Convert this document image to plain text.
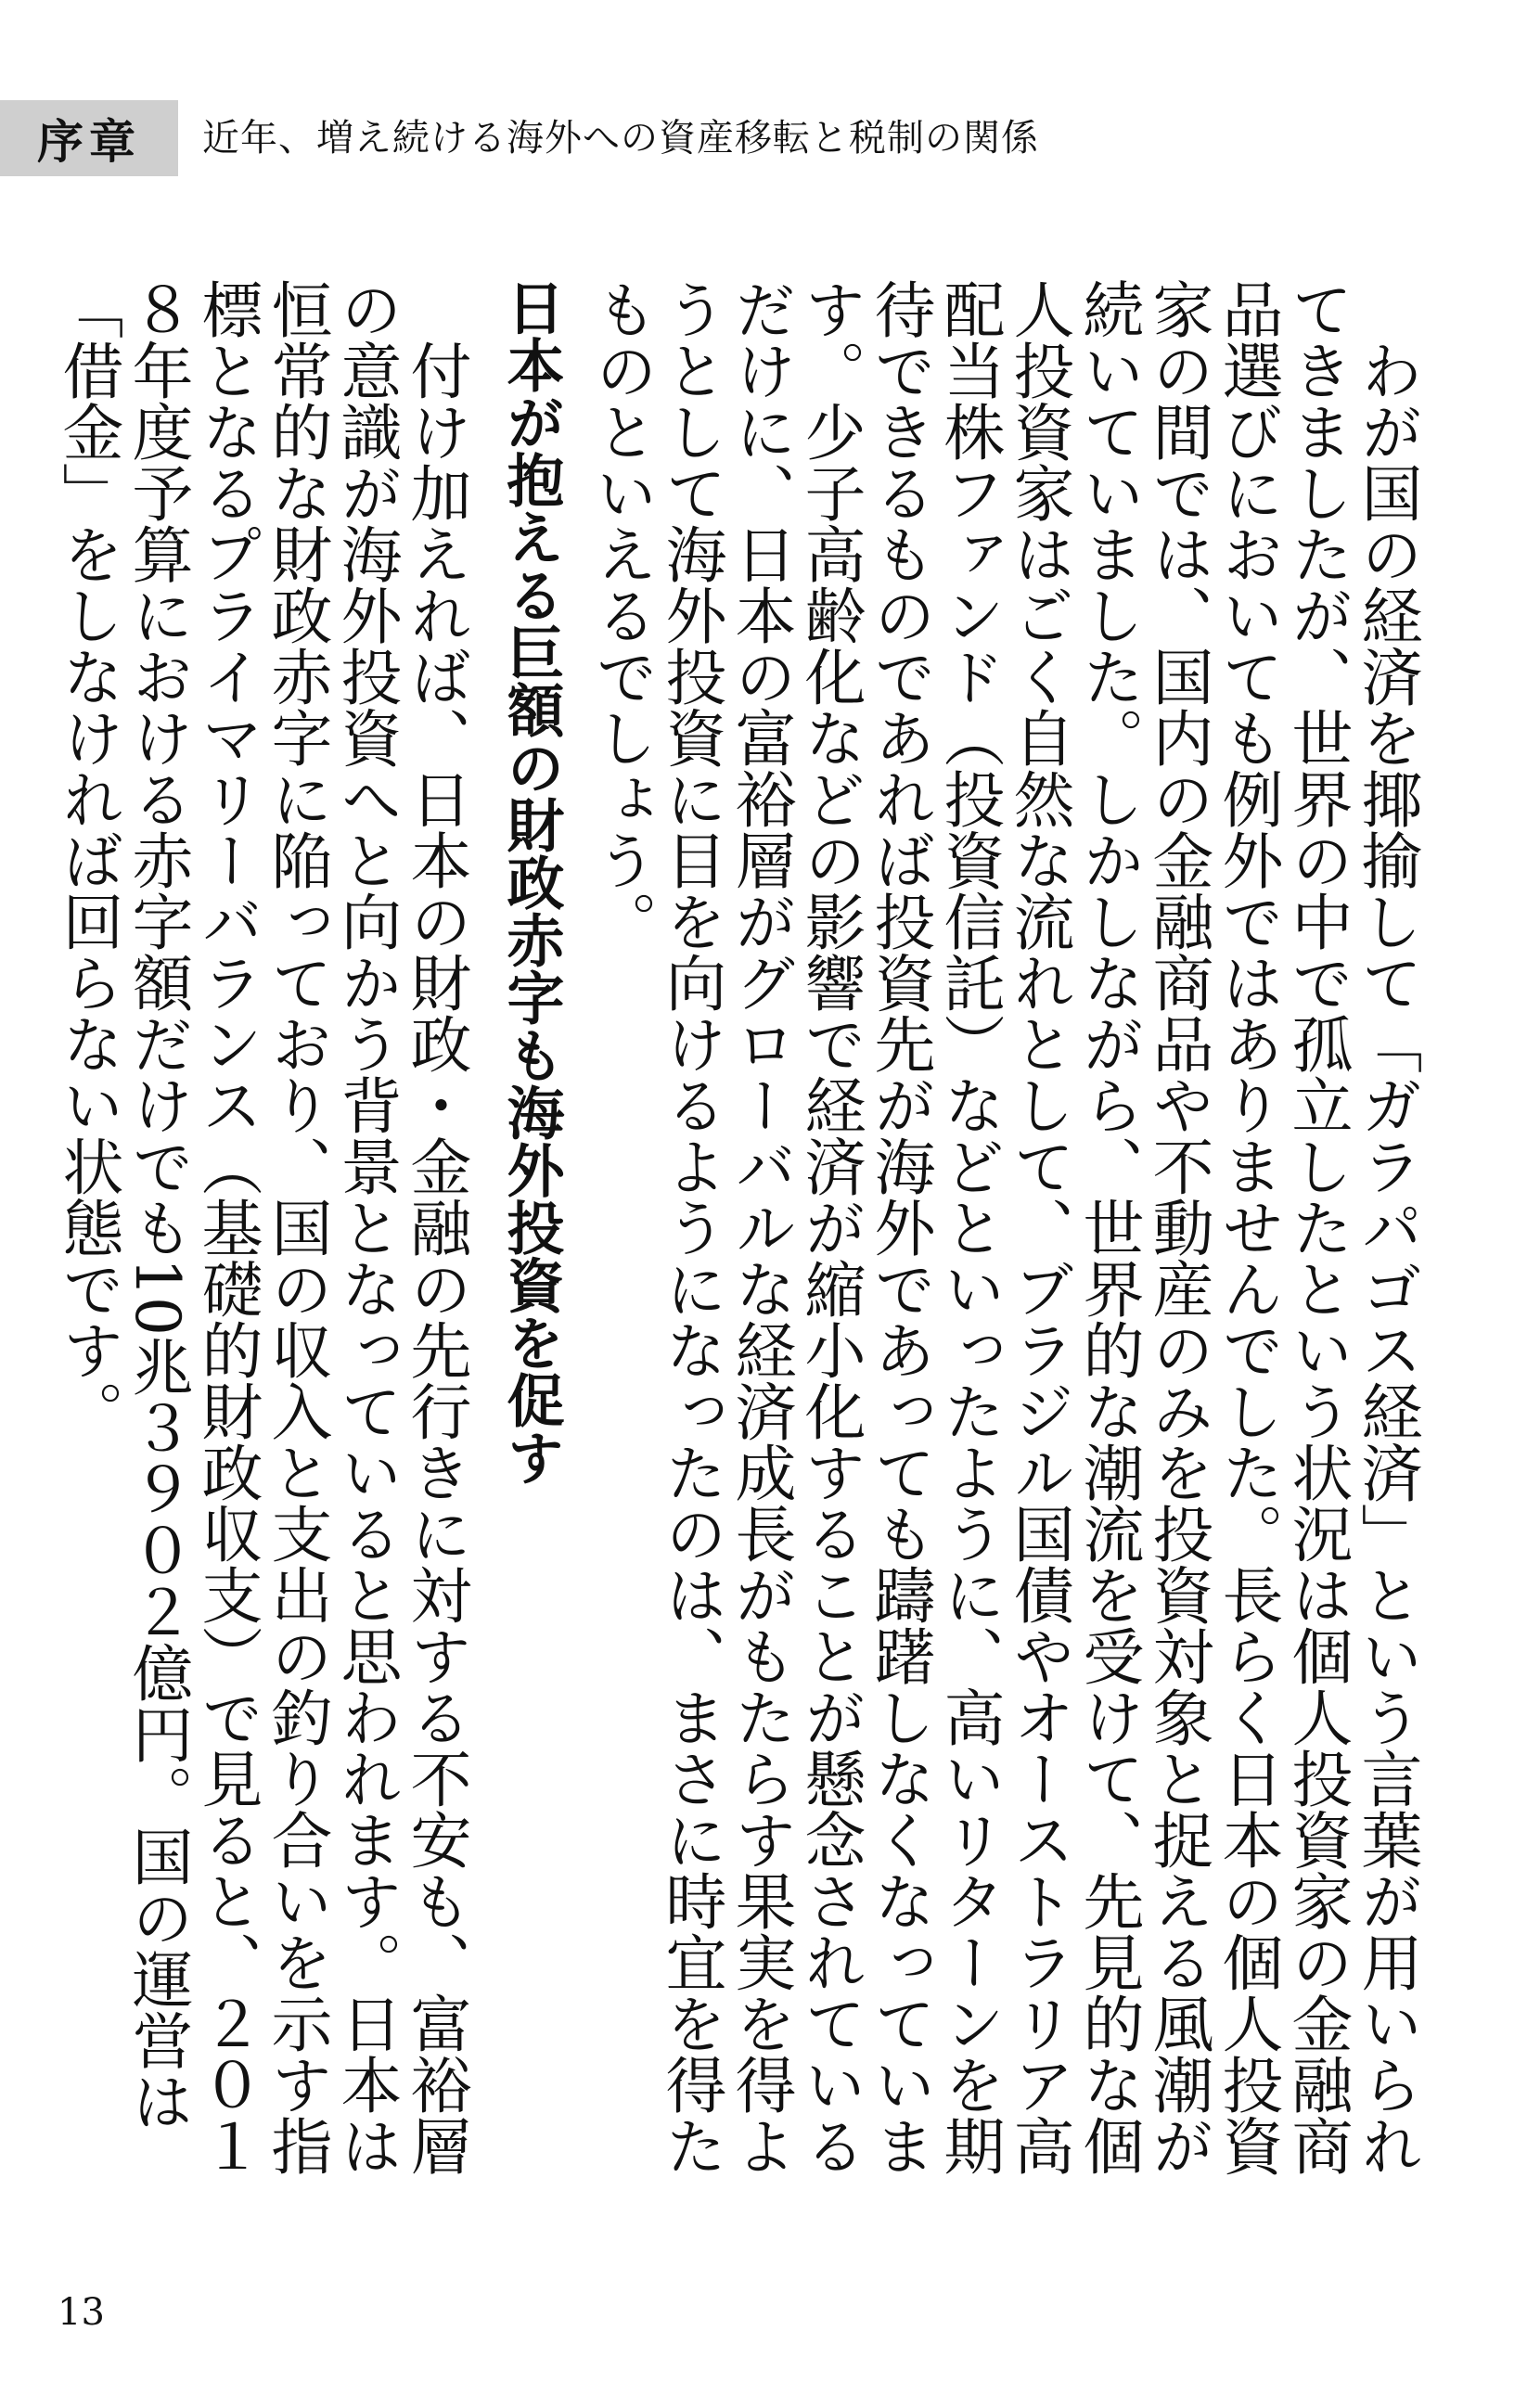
序章	近年、増え続ける海外への資産移転と税制の関係

わが国の経済を揶揄して「ガラパゴス経済」という言葉が用いられてきましたが、世界の中で孤立したという状況は個人投資家の金融商品選びにおいても例外ではありませんでした。長らく日本の個人投資家の間では、国内の金融商品や不動産のみを投資対象と捉える風潮が続いていました。しかしながら、世界的な潮流を受けて、先見的な個人投資家はごく自然な流れとして、ブラジル国債やオーストラリア高配当株ファンド（投資信託）などといったように、高いリターンを期待できるものであれば投資先が海外であっても躊躇しなくなっています。少子高齢化などの影響で経済が縮小化することが懸念されているだけに、日本の富裕層がグローバルな経済成長がもたらす果実を得ようとして海外投資に目を向けるようになったのは、まさに時宜を得たものといえるでしょう。

日本が抱える巨額の財政赤字も海外投資を促す

付け加えれば、日本の財政・金融の先行きに対する不安も、富裕層の意識が海外投資へと向かう背景となっていると思われます。日本は恒常的な財政赤字に陥っており、国の収入と支出の釣り合いを示す指標となるプライマリーバランス（基礎的財政収支）で見ると、２０１８年度予算における赤字額だけでも10兆３９０２億円。国の運営は「借金」をしなければ回らない状態です。

13
